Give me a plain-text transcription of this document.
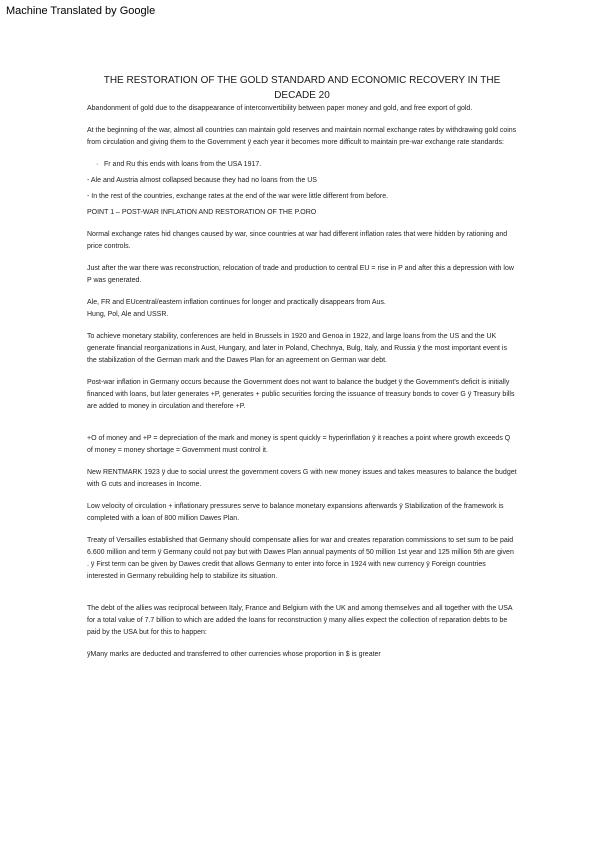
Machine Translated by Google
THE RESTORATION OF THE GOLD STANDARD AND ECONOMIC RECOVERY IN THE
DECADE 20

Abandonment of gold due to the disappearance of interconvertibility between paper money and gold, and free export of gold.

At the beginning of the war, almost all countries can maintain gold reserves and maintain normal exchange rates by withdrawing gold coins from circulation and giving them to the Government ÿ each year it becomes more difficult to maintain pre-war exchange rate standards:

· Fr and Ru this ends with loans from the USA 1917.
- Ale and Austria almost collapsed because they had no loans from the US
- In the rest of the countries, exchange rates at the end of the war were little different from before.

POINT 1 – POST-WAR INFLATION AND RESTORATION OF THE P.ORO

Normal exchange rates hid changes caused by war, since countries at war had different inflation rates that were hidden by rationing and price controls.

Just after the war there was reconstruction, relocation of trade and production to central EU = rise in P and after this a depression with low P was generated.

Ale, FR and EUcentral/eastern inflation continues for longer and practically disappears from Aus.

Hung, Pol, Ale and USSR.

To achieve monetary stability, conferences are held in Brussels in 1920 and Genoa in 1922, and large loans from the US and the UK generate financial reorganizations in Aust, Hungary, and later in Poland, Chechnya, Bulg, Italy, and Russia ÿ the most important event is the stabilization of the German mark and the Dawes Plan for an agreement on German war debt.

Post-war inflation in Germany occurs because the Government does not want to balance the budget ÿ the Government's deficit is initially financed with loans, but later generates +P, generates + public securities forcing the issuance of treasury bonds to cover G ÿ Treasury bills are added to money in circulation and therefore +P.

+O of money and +P = depreciation of the mark and money is spent quickly = hyperinflation ÿ it reaches a point where growth exceeds Q of money = money shortage = Government must control it.

New RENTMARK 1923 ÿ due to social unrest the government covers G with new money issues and takes measures to balance the budget with G cuts and increases in Income.

Low velocity of circulation + inflationary pressures serve to balance monetary expansions afterwards ÿ Stabilization of the framework is completed with a loan of 800 million Dawes Plan.

Treaty of Versailles established that Germany should compensate allies for war and creates reparation commissions to set sum to be paid 6.600 million and term ÿ Germany could not pay but with Dawes Plan annual payments of 50 million 1st year and 125 million 5th are given . ÿ First term can be given by Dawes credit that allows Germany to enter into force in 1924 with new currency ÿ Foreign countries interested in Germany rebuilding help to stabilize its situation.

The debt of the allies was reciprocal between Italy, France and Belgium with the UK and among themselves and all together with the USA for a total value of 7.7 billion to which are added the loans for reconstruction ÿ many allies expect the collection of reparation debts to be paid by the USA but for this to happen:

ÿMany marks are deducted and transferred to other currencies whose proportion in $ is greater
